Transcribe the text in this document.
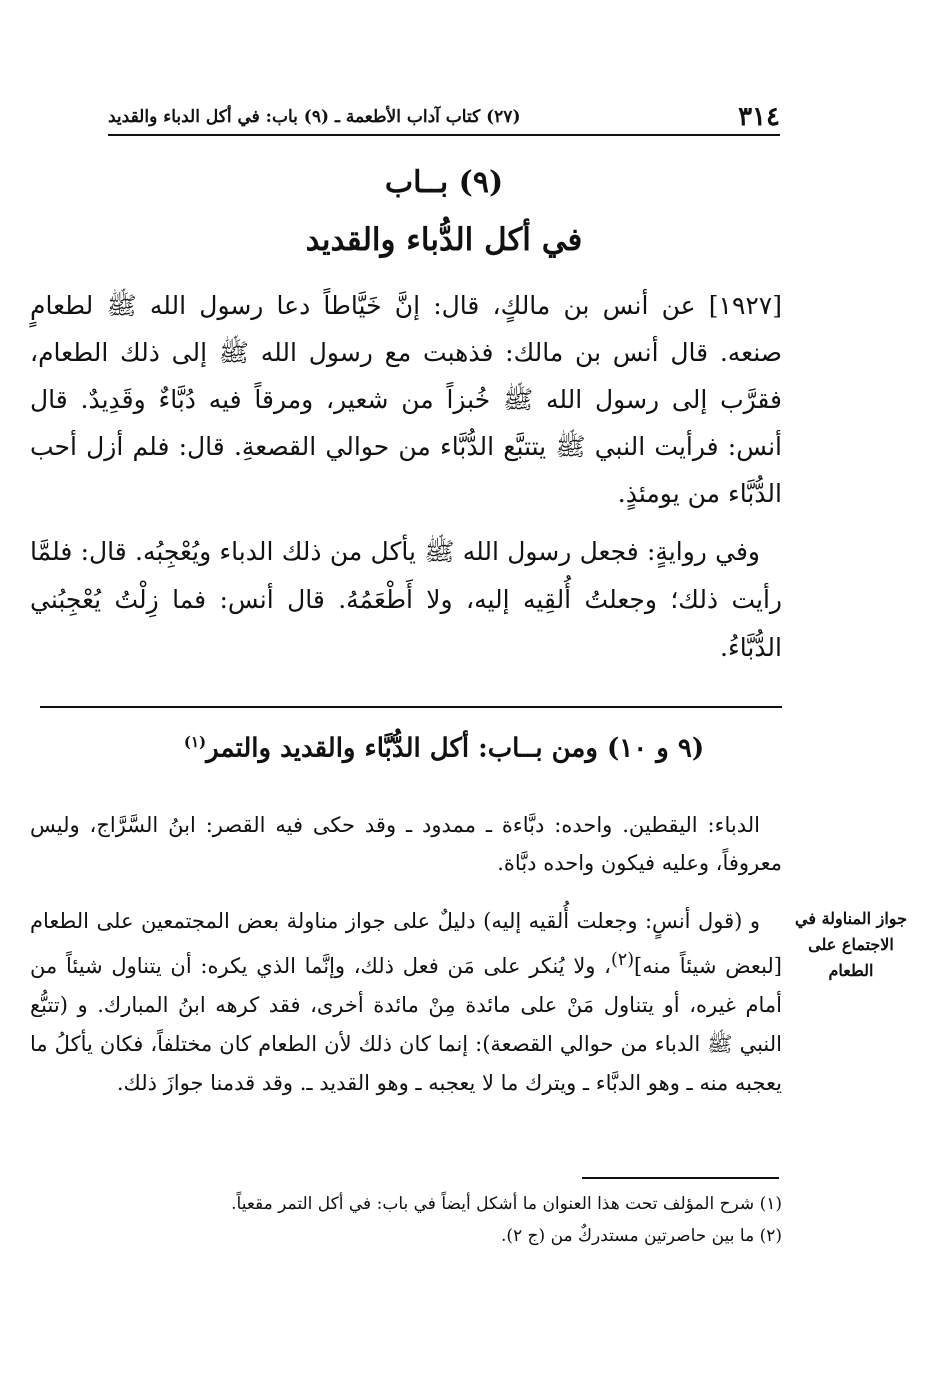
٣١٤
(٢٧) كتاب آداب الأطعمة ـ (٩) باب: في أكل الدباء والقديد
(٩) بــاب
في أكل الدُّباء والقديد

[١٩٢٧] عن أنس بن مالكٍ، قال: إنَّ خَيَّاطاً دعا رسول الله ﷺ لطعامٍ صنعه. قال أنس بن مالك: فذهبت مع رسول الله ﷺ إلى ذلك الطعام، فقرَّب إلى رسول الله ﷺ خُبزاً من شعير، ومرقاً فيه دُبَّاءٌ وقَدِيدٌ. قال أنس: فرأيت النبي ﷺ يتتبَّع الدُّبَّاء من حوالي القصعةِ. قال: فلم أزل أحب الدُّبَّاء من يومئذٍ.

وفي روايةٍ: فجعل رسول الله ﷺ يأكل من ذلك الدباء ويُعْجِبُه. قال: فلمَّا رأيت ذلك؛ وجعلتُ أُلقِيه إليه، ولا أَطْعَمُهُ. قال أنس: فما زِلْتُ يُعْجِبُني الدُّبَّاءُ.

(٩ و ١٠) ومن بــاب: أكل الدُّبَّاء والقديد والتمر$^{(١)}$

الدباء: اليقطين. واحده: دبَّاءة ـ ممدود ـ وقد حكى فيه القصر: ابنُ السَّرَّاج، وليس معروفاً، وعليه فيكون واحده دبَّاة.

جواز المناولة في الاجتماع على الطعام

و (قول أنسٍ: وجعلت أُلقيه إليه) دليلٌ على جواز مناولة بعض المجتمعين على الطعام [لبعض شيئاً منه]$^{(٢)}$، ولا يُنكر على مَن فعل ذلك، وإنَّما الذي يكره: أن يتناول شيئاً من أمام غيره، أو يتناول مَنْ على مائدة مِنْ مائدة أخرى، فقد كرهه ابنُ المبارك. و (تتبُّع النبي ﷺ الدباء من حوالي القصعة): إنما كان ذلك لأن الطعام كان مختلفاً، فكان يأكلُ ما يعجبه منه ـ وهو الدبَّاء ـ ويترك ما لا يعجبه ـ وهو القديد ـ. وقد قدمنا جوازَ ذلك.

(١) شرح المؤلف تحت هذا العنوان ما أشكل أيضاً في باب: في أكل التمر مقعياً.
(٢) ما بين حاصرتين مستدركٌ من (ج ٢).
